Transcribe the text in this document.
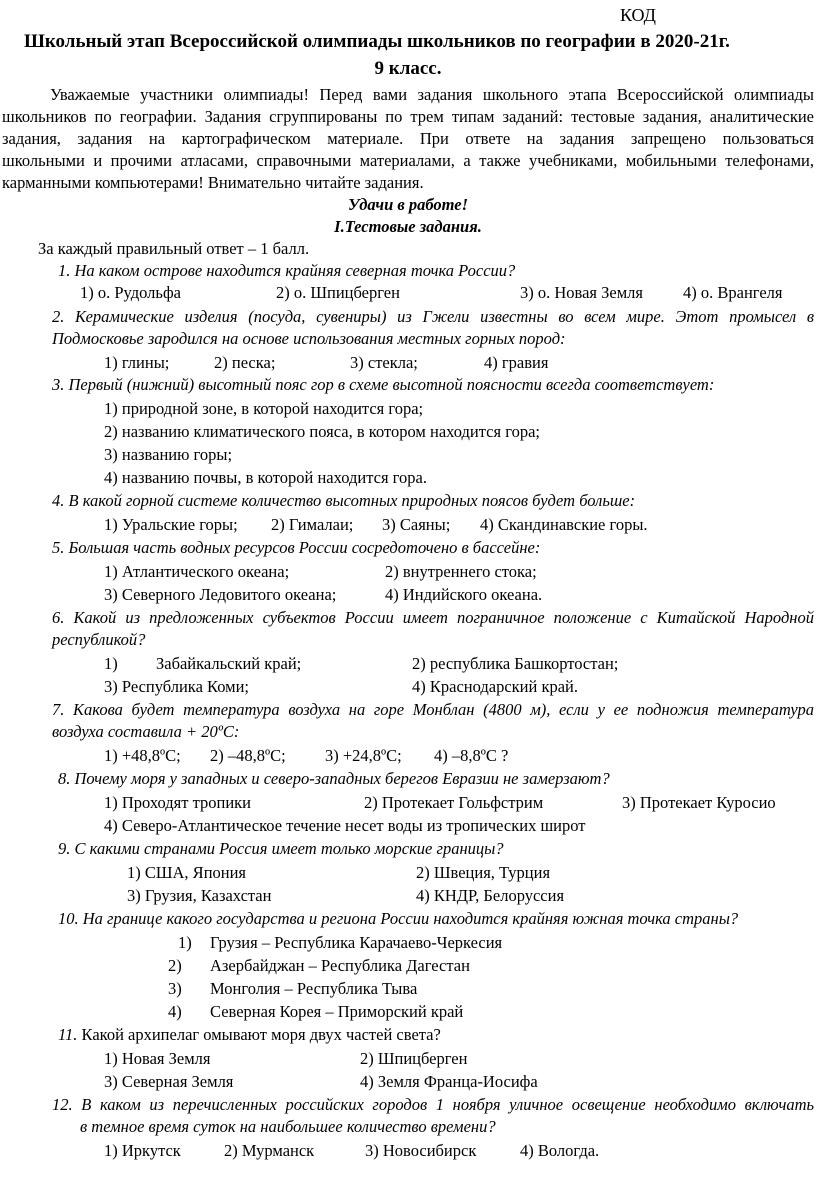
КОД
Школьный этап Всероссийской олимпиады школьников по географии в 2020-21г.
9 класс.
Уважаемые участники олимпиады! Перед вами задания школьного этапа Всероссийской олимпиады
школьников по географии. Задания сгруппированы по трем типам заданий: тестовые задания, аналитические
задания, задания на картографическом материале. При ответе на задания запрещено пользоваться
школьными и прочими атласами, справочными материалами, а также учебниками, мобильными телефонами,
карманными компьютерами! Внимательно читайте задания.
Удачи в работе!
I.Тестовые задания.
За каждый правильный ответ – 1 балл.
1. На каком острове находится крайняя северная точка России?
1) о. Рудольфа	2) о. Шпицберген	3) о. Новая Земля 4) о. Врангеля
2. Керамические изделия (посуда, сувениры) из Гжели известны во всем мире. Этот промысел в
Подмосковье зародился на основе использования местных горных пород:
1) глины;	2) песка;	3) стекла;	4) гравия
3. Первый (нижний) высотный пояс гор в схеме высотной поясности всегда соответствует:
1) природной зоне, в которой находится гора;
2) названию климатического пояса, в котором находится гора;
3) названию горы;
4) названию почвы, в которой находится гора.
4. В какой горной системе количество высотных природных поясов будет больше:
1) Уральские горы; 2) Гималаи; 3) Саяны; 4) Скандинавские горы.
5. Большая часть водных ресурсов России сосредоточено в бассейне:
1) Атлантического океана;	2) внутреннего стока;
3) Северного Ледовитого океана;	4) Индийского океана.
6. Какой из предложенных субъектов России имеет пограничное положение с Китайской Народной
республикой?
1) Забайкальский край;	2) республика Башкортостан;
3) Республика Коми;	4) Краснодарский край.
7. Какова будет температура воздуха на горе Монблан (4800 м), если у ее подножия температура
воздуха составила + 20ºС:
1) +48,8ºС; 2) –48,8ºС; 3) +24,8ºС; 4) –8,8ºС ?
8. Почему моря у западных и северо-западных берегов Евразии не замерзают?
1) Проходят тропики	2) Протекает Гольфстрим	3) Протекает Куросио
4) Северо-Атлантическое течение несет воды из тропических широт
9. С какими странами Россия имеет только морские границы?
1) США, Япония	2) Швеция, Турция
3) Грузия, Казахстан	4) КНДР, Белоруссия
10. На границе какого государства и региона России находится крайняя южная точка страны?
1) Грузия – Республика Карачаево-Черкесия
2) Азербайджан – Республика Дагестан
3) Монголия – Республика Тыва
4) Северная Корея – Приморский край
11. Какой архипелаг омывают моря двух частей света?
1) Новая Земля	2) Шпицберген
3) Северная Земля	4) Земля Франца-Иосифа
12. В каком из перечисленных российских городов 1 ноября уличное освещение необходимо включать
в темное время суток на наибольшее количество времени?
1) Иркутск	2) Мурманск	3) Новосибирск	4) Вологда.
